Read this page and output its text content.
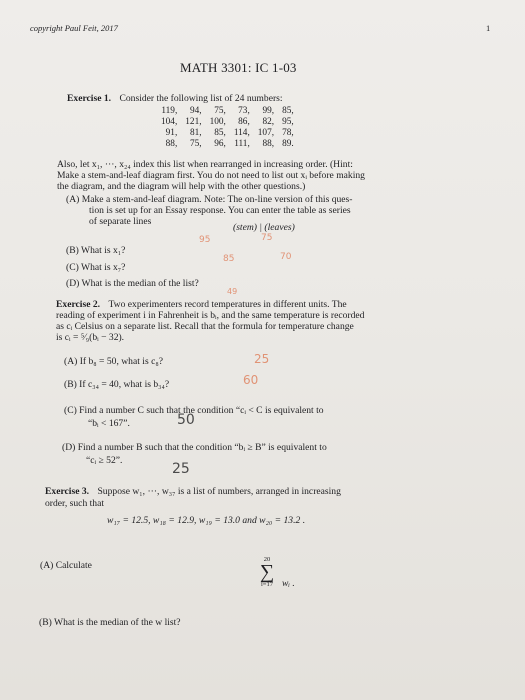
copyright Paul Feit, 2017	1
MATH 3301: IC 1-03
Exercise 1. Consider the following list of 24 numbers:
119,	94,	75,	73,	99,	85,
104,	121,	100,	86,	82,	95,
91,	81,	85,	114,	107,	78,
88,	75,	96,	111,	88,	89.
Also, let x₁, ···, x₂₄ index this list when rearranged in increasing order. (Hint:
Make a stem-and-leaf diagram first. You do not need to list out xᵢ before making
the diagram, and the diagram will help with the other questions.)
(A) Make a stem-and-leaf diagram. Note: The on-line version of this ques-
tion is set up for an Essay response. You can enter the table as series
of separate lines
(stem) | (leaves)
(B) What is x₁?
95	75
(C) What is x₇?
85	70
(D) What is the median of the list?
49
Exercise 2. Two experimenters record temperatures in different units. The
reading of experiment i in Fahrenheit is bᵢ, and the same temperature is recorded
as cᵢ Celsius on a separate list. Recall that the formula for temperature change
is cᵢ = ⁵⁄₉(bᵢ − 32).
(A) If b₈ = 50, what is c₈?	25
(B) If c₃₄ = 40, what is b₃₄?	60
(C) Find a number C such that the condition “cᵢ < C is equivalent to
“bᵢ < 167”.	50
(D) Find a number B such that the condition “bᵢ ≥ B” is equivalent to
“cᵢ ≥ 52”.
25
Exercise 3. Suppose w₁, ···, w₃₇ is a list of numbers, arranged in increasing
order, such that
w₁₇ = 12.5, w₁₈ = 12.9, w₁₉ = 13.0 and w₂₀ = 13.2 .
(A) Calculate
20
∑
i=17 wᵢ .
(B) What is the median of the w list?
